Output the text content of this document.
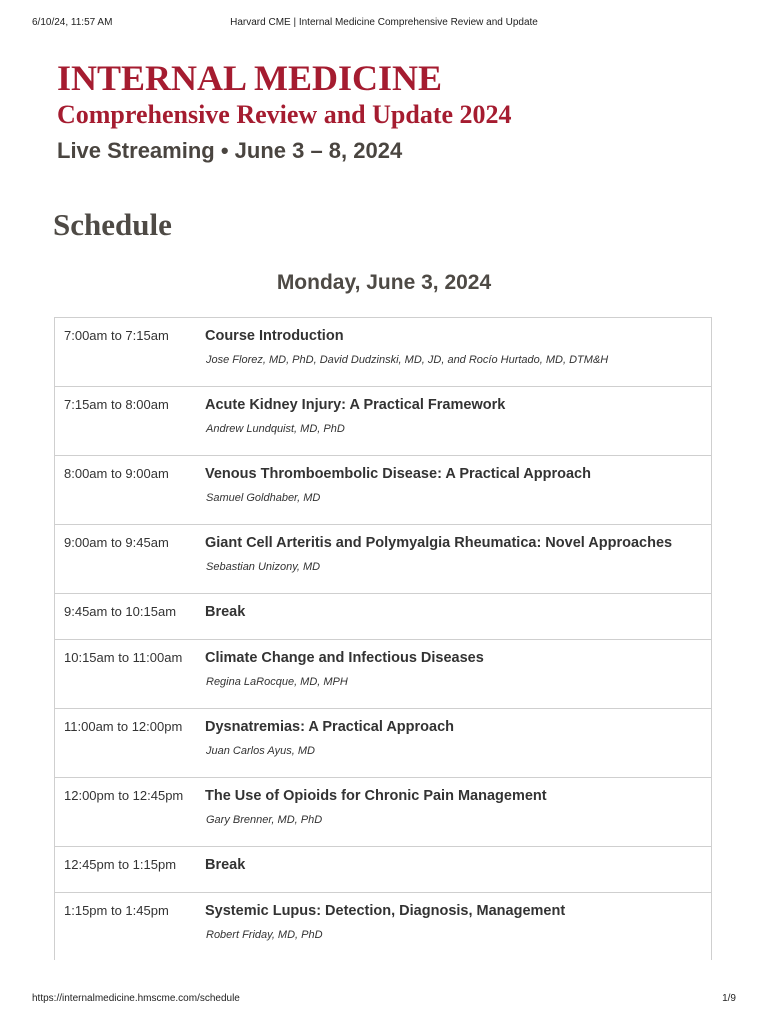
6/10/24, 11:57 AM	Harvard CME | Internal Medicine Comprehensive Review and Update
INTERNAL MEDICINE
Comprehensive Review and Update 2024
Live Streaming • June 3 – 8, 2024
Schedule
Monday, June 3, 2024
7:00am to 7:15am Course Introduction
Jose Florez, MD, PhD, David Dudzinski, MD, JD, and Rocío Hurtado, MD, DTM&H
7:15am to 8:00am Acute Kidney Injury: A Practical Framework
Andrew Lundquist, MD, PhD
8:00am to 9:00am Venous Thromboembolic Disease: A Practical Approach
Samuel Goldhaber, MD
9:00am to 9:45am Giant Cell Arteritis and Polymyalgia Rheumatica: Novel Approaches
Sebastian Unizony, MD
9:45am to 10:15am Break
10:15am to 11:00am Climate Change and Infectious Diseases
Regina LaRocque, MD, MPH
11:00am to 12:00pm Dysnatremias: A Practical Approach
Juan Carlos Ayus, MD
12:00pm to 12:45pm The Use of Opioids for Chronic Pain Management
Gary Brenner, MD, PhD
12:45pm to 1:15pm Break
1:15pm to 1:45pm Systemic Lupus: Detection, Diagnosis, Management
Robert Friday, MD, PhD
https://internalmedicine.hmscme.com/schedule	1/9
